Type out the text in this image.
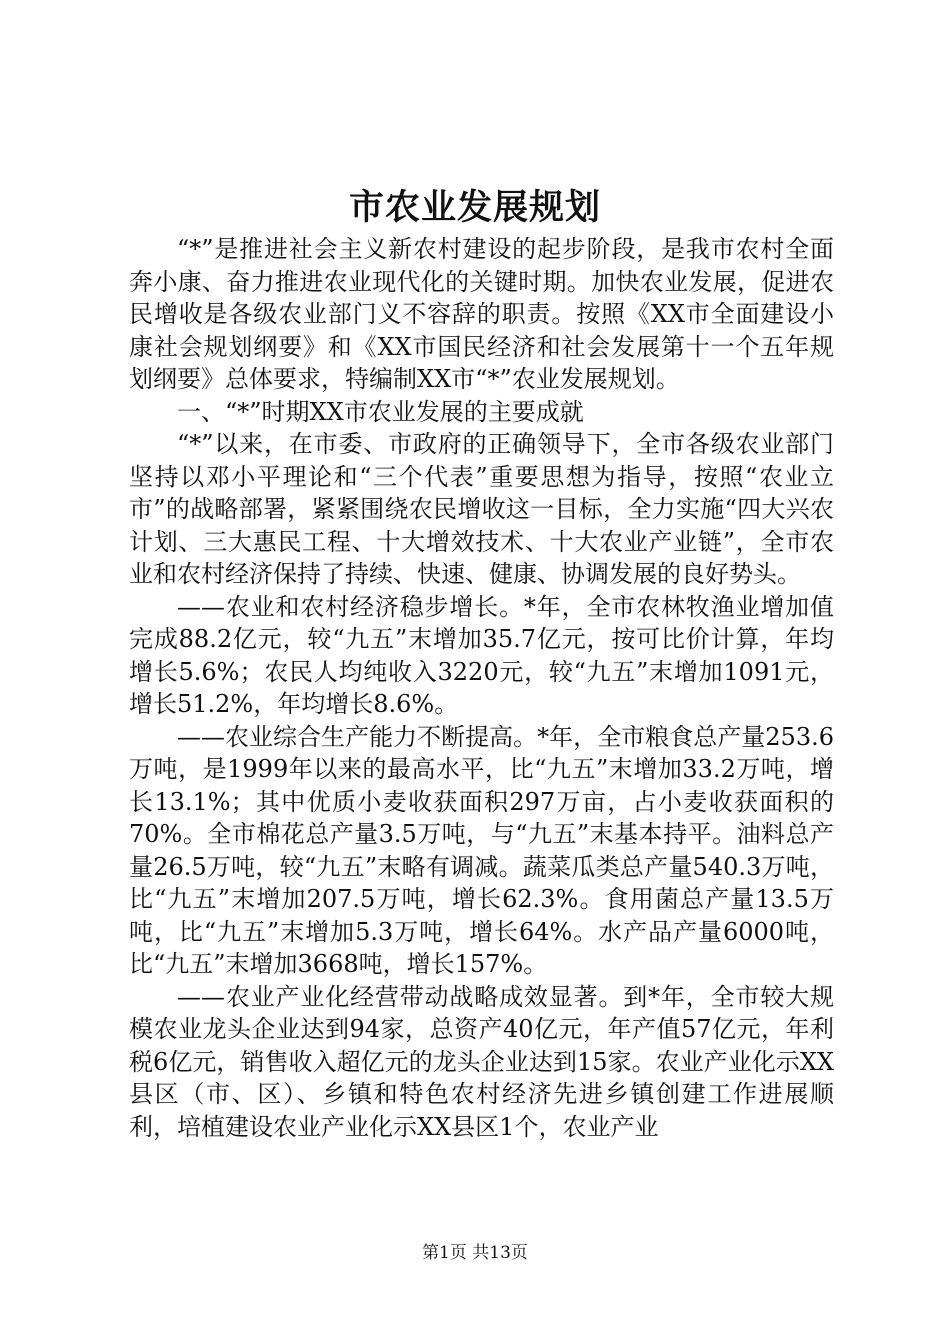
市农业发展规划

“*”是推进社会主义新农村建设的起步阶段，是我市农村全面奔小康、奋力推进农业现代化的关键时期。加快农业发展，促进农民增收是各级农业部门义不容辞的职责。按照《XX市全面建设小康社会规划纲要》和《XX市国民经济和社会发展第十一个五年规划纲要》总体要求，特编制XX市“*”农业发展规划。

一、“*”时期XX市农业发展的主要成就

“*”以来，在市委、市政府的正确领导下，全市各级农业部门坚持以邓小平理论和“三个代表”重要思想为指导，按照“农业立市”的战略部署，紧紧围绕农民增收这一目标，全力实施“四大兴农计划、三大惠民工程、十大增效技术、十大农业产业链”，全市农业和农村经济保持了持续、快速、健康、协调发展的良好势头。

——农业和农村经济稳步增长。*年，全市农林牧渔业增加值完成88.2亿元，较“九五”末增加35.7亿元，按可比价计算，年均增长5.6%；农民人均纯收入3220元，较“九五”末增加1091元，增长51.2%，年均增长8.6%。

——农业综合生产能力不断提高。*年，全市粮食总产量253.6万吨，是1999年以来的最高水平，比“九五”末增加33.2万吨，增长13.1%；其中优质小麦收获面积297万亩，占小麦收获面积的70%。全市棉花总产量3.5万吨，与“九五”末基本持平。油料总产量26.5万吨，较“九五”末略有调减。蔬菜瓜类总产量540.3万吨，比“九五”末增加207.5万吨，增长62.3%。食用菌总产量13.5万吨，比“九五”末增加5.3万吨，增长64%。水产品产量6000吨，比“九五”末增加3668吨，增长157%。

——农业产业化经营带动战略成效显著。到*年，全市较大规模农业龙头企业达到94家，总资产40亿元，年产值57亿元，年利税6亿元，销售收入超亿元的龙头企业达到15家。农业产业化示XX县区（市、区）、乡镇和特色农村经济先进乡镇创建工作进展顺利，培植建设农业产业化示XX县区1个，农业产业

第1页 共13页
